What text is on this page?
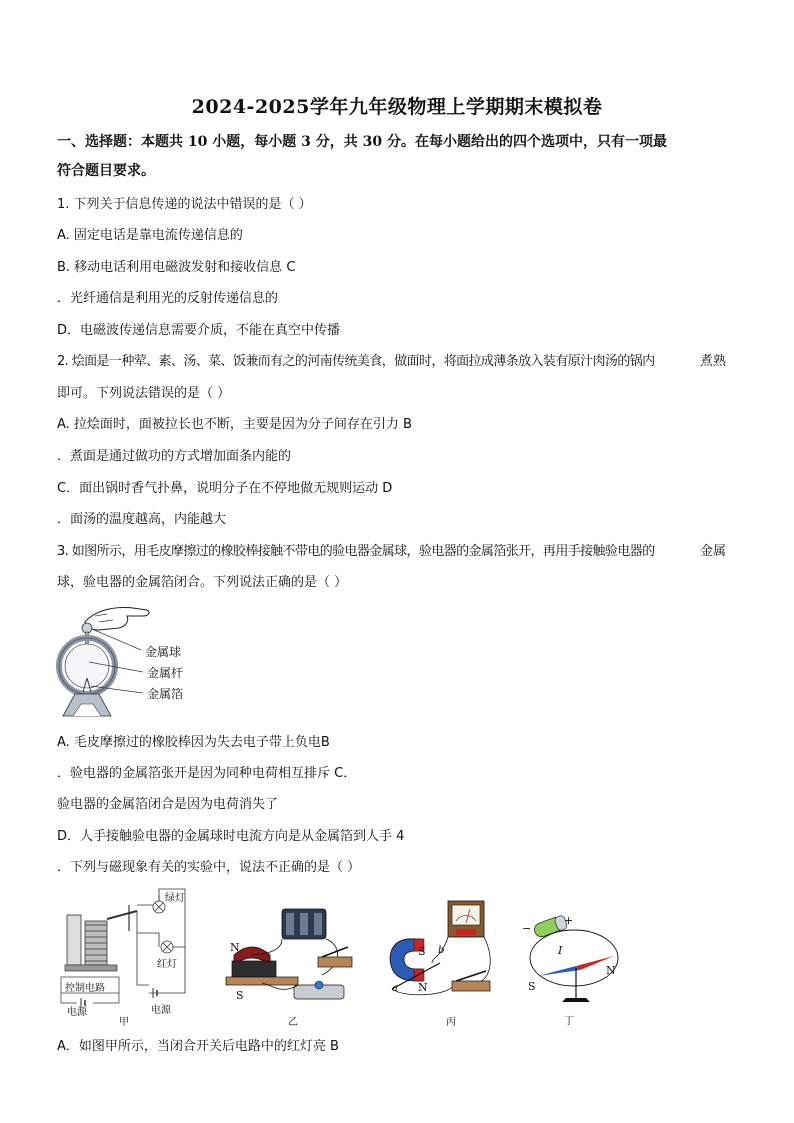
2024-2025学年九年级物理上学期期末模拟卷
一、选择题：本题共 10 小题，每小题 3 分，共 30 分。在每小题给出的四个选项中，只有一项最
符合题目要求。
1. 下列关于信息传递的说法中错误的是（ ）
A. 固定电话是靠电流传递信息的
B. 移动电话利用电磁波发射和接收信息 C
．光纤通信是利用光的反射传递信息的
D．电磁波传递信息需要介质，不能在真空中传播
2. 烩面是一种荤、素、汤、菜、饭兼而有之的河南传统美食，做面时，将面拉成薄条放入装有原汁肉汤的锅内	煮熟
即可。下列说法错误的是（ ）
A. 拉烩面时，面被拉长也不断，主要是因为分子间存在引力 B
．煮面是通过做功的方式增加面条内能的
C．面出锅时香气扑鼻，说明分子在不停地做无规则运动 D
．面汤的温度越高，内能越大
3. 如图所示，用毛皮摩擦过的橡胶棒接触不带电的验电器金属球，验电器的金属箔张开，再用手接触验电器的	金属
球，验电器的金属箔闭合。下列说法正确的是（ ）
金属球
金属杆
金属箔
A. 毛皮摩擦过的橡胶棒因为失去电子带上负电B
．验电器的金属箔张开是因为同种电荷相互排斥 C．
验电器的金属箔闭合是因为电荷消失了
D．人手接触验电器的金属球时电流方向是从金属箔到人手 4
．下列与磁现象有关的实验中，说法不正确的是（ ）
绿灯
红灯
控制电路
电源	电源
甲
N
S
乙
S
N
a
b
丙
+
−
I
S
N
丁
A．如图甲所示，当闭合开关后电路中的红灯亮 B
